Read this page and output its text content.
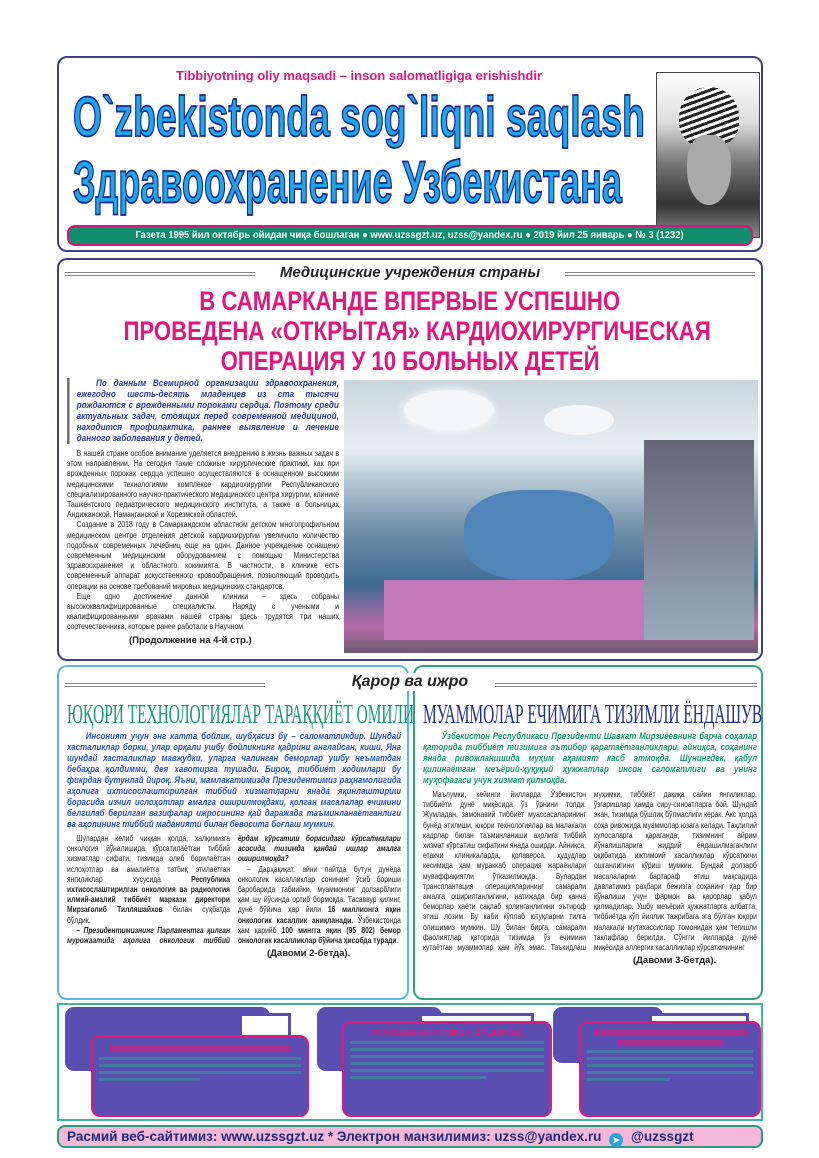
Tibbiyotning oliy maqsadi – inson salomatligiga erishishdir
O`zbekistonda sog`liqni saqlash
Здравоохранение Узбекистана
Газета 1995 йил октябрь ойидан чиқа бошлаган ● www.uzssgzt.uz, uzss@yandex.ru ● 2019 йил 25 январь ● № 3 (1232)
Медицинские учреждения страны
В САМАРКАНДЕ ВПЕРВЫЕ УСПЕШНО
ПРОВЕДЕНА «ОТКРЫТАЯ» КАРДИОХИРУРГИЧЕСКАЯ
ОПЕРАЦИЯ У 10 БОЛЬНЫХ ДЕТЕЙ
По данным Всемирной организации здравоохранения, ежегодно шесть-десять младенцев из ста тысячи рождаются с врожденными пороками сердца. Поэтому среди актуальных задач, стоящих перед современной медициной, находится профилактика, раннее выявление и лечение данного заболевания у детей.

В нашей стране особое внимание уделяется внедрению в жизнь важных задач в этом направлении. На сегодня такие сложные хирургические практики, как при врожденных пороках сердца успешно осуществляются в оснащенном высокими медицинскими технологиями комплексе кардиохирургии Республиканского специализированного научно-практического медицинского центра хирургии, клинике Ташкентского педиатрического медицинского института, а также в больницах Андижанской, Наманганской и Хорезмской областей.

Создание в 2018 году в Самаркандском областном детском многопрофильном медицинском центре отделения детской кардиохирургии увеличило количество подобных современных лечебниц еще на один. Данное учреждение оснащено современным медицинским оборудованием с помощью Министерства здравоохранения и областного хокимията. В частности, в клинике есть современный аппарат искусственного кровообращения, позволяющий проводить операции на основе требований мировых медицинских стандартов.

Еще одно достижение данной клиники – здесь собраны высококвалифицированные специалисты. Наряду с учеными и квалифицированными врачами нашей страны здесь трудятся три наших соотечественника, которые ранее работали в Научном

(Продолжение на 4-й стр.)
ЮҚОРИ ТЕХНОЛОГИЯЛАР ТАРАҚҚИЁТ ОМИЛИ
Инсоният учун энг катта бойлик, шубҳасиз бу – саломатликдир. Шундай хасталиклар борки, улар орқали ушбу бойликнинг қадрини англайсан, киши. Яна шундай хасталиклар мавжудки, уларга чалинган беморлар ушбу неъматдан бебаҳра қолдимми, дея хавотирга тушади. Бироқ, тиббиёт ходимлари бу фикрдан бутунлай йироқ. Яъни, мамлакатимизда Президентимиз раҳнамолигида аҳолига ихтисослаштирилган тиббий хизматларни янада яқинлаштириш борасида изчил ислоҳотлар амалга оширилмоқдаки, қолган масалалар ечимини белгилаб берилган вазифалар ижросининг қай даражада таъминланаётганлиги ва аҳолининг тиббий маданияти билан бевосита боғлаш мумкин.

Шулардан келиб чиққан ҳолда, халқимизга онкология йўналишида кўрсатилаётган тиббий хизматлар сифати, тизимда олиб борилаётган ислоҳотлар ва амалиётга татбиқ этилаётган янгиликлар хусусида Республика ихтисослаштирилган онкология ва радиология илмий-амалий тиббиёт маркази директори Мирзағолиб Тилляшайхов билан суҳбатда бўлдик.

– Президентимизнинг Парламентга қилган мурожаатида аҳолига онкологик тиббий ёрдам кўрсатиш борасидаги кўрсатмалари асосида тизимда қандай ишлар амалга оширилмоқда?

– Дарҳақиқат, айни пайтда бутун дунёда онкологик касалликлар сонининг ўсиб бориши баробарида табиийки, муаммонинг долзарблиги ҳам шу йўсинда ортиб бормоқда. Тасаввур қилинг, дунё бўйича ҳар йили 16 миллионга яқин онкологик касаллик аниқланади. Ўзбекистонда ҳам қарийб 100 мингга яқин (95 802) бемор онкологик касалликлар бўйича ҳисобда туради.

(Давоми 2-бетда).
Қарор ва ижро
МУАММОЛАР ЕЧИМИГА ТИЗИМЛИ ЁНДАШУВ
Ўзбекистон Республикаси Президенти Шавкат Мирзиёевнинг барча соҳалар қаторида тиббиёт тизимига эътибор қаратаётганликлари, айниқса, соҳанинг янада ривожланишида муҳим аҳамият касб этмоқда. Шунингдек, қабул қилинаётган меъёрий-ҳуқуқий ҳужжатлар инсон саломатлиги ва унинг муҳофазаси учун хизмат қилмоқда.

Маълумки, кейинги йилларда Ўзбекистон тиббиёти дунё миқёсида ўз ўрнини топди. Жумладан, замонавий тиббиёт муассасаларининг бунёд этилиши, юқори технологиялар ва малакали кадрлар билан таъминланиши аҳолига тиббий хизмат кўрсатиш сифатини янада оширди. Айниқса, етакчи клиникаларда, қолаверса, ҳудудлар кесимида ҳам мураккаб операция жараёнлари муваффақиятли ўтказилмоқда. Булардан трансплантация операцияларининг самарали амалга оширилганлигини, натижада бир қанча беморлар ҳаёти сақлаб қолинганлигини эътироф этиш лозим. Бу каби кўплаб ютуқларни тилга олишимиз мумкин. Шу билан бирга, самарали фаолиятлар қаторида тизимда ўз ечимини кутаётган муаммолар ҳам йўқ эмас. Таъкидлаш муҳимки, тиббиёт дақиқа сайин янгиликлар, ўзгаришлар ҳамда сиру-синоатларга бой. Шундай экан, тизимда бўшлиқ бўлмаслиги керак. Акс ҳолда соҳа ривожида муаммолар юзага келади. Таҳлилий хулосаларга қараганда, тизимнинг айрим йўналишларига жиддий ёндашилмаганлиги оқибатида ижтимоий касалликлар кўрсаткичи ошганлигини кўриш мумкин. Бундай долзарб масалаларни бартараф этиш мақсадида давлатимиз раҳбари бежизга соҳанинг ҳар бир йўналиши учун фармон ва қарорлар қабул қилмадилар. Ушбу меъёрий ҳужжатларга албатта, тиббиётда кўп йиллик тажрибага эга бўлган юқори малакали мутахассислар томонидан ҳам тегишли таклифлар берилди. Сўнгги йилларда дунё миқёсида аллергик касалликлар кўрсаткичининг

(Давоми 3-бетда).
ИЛМ ИЗЛАГАНГА ИМКОН КЎП ДАРГОҲ
Расмий веб-сайтимиз: www.uzssgzt.uz * Электрон манзилимиз: uzss@yandex.ru ➤ @uzssgzt
